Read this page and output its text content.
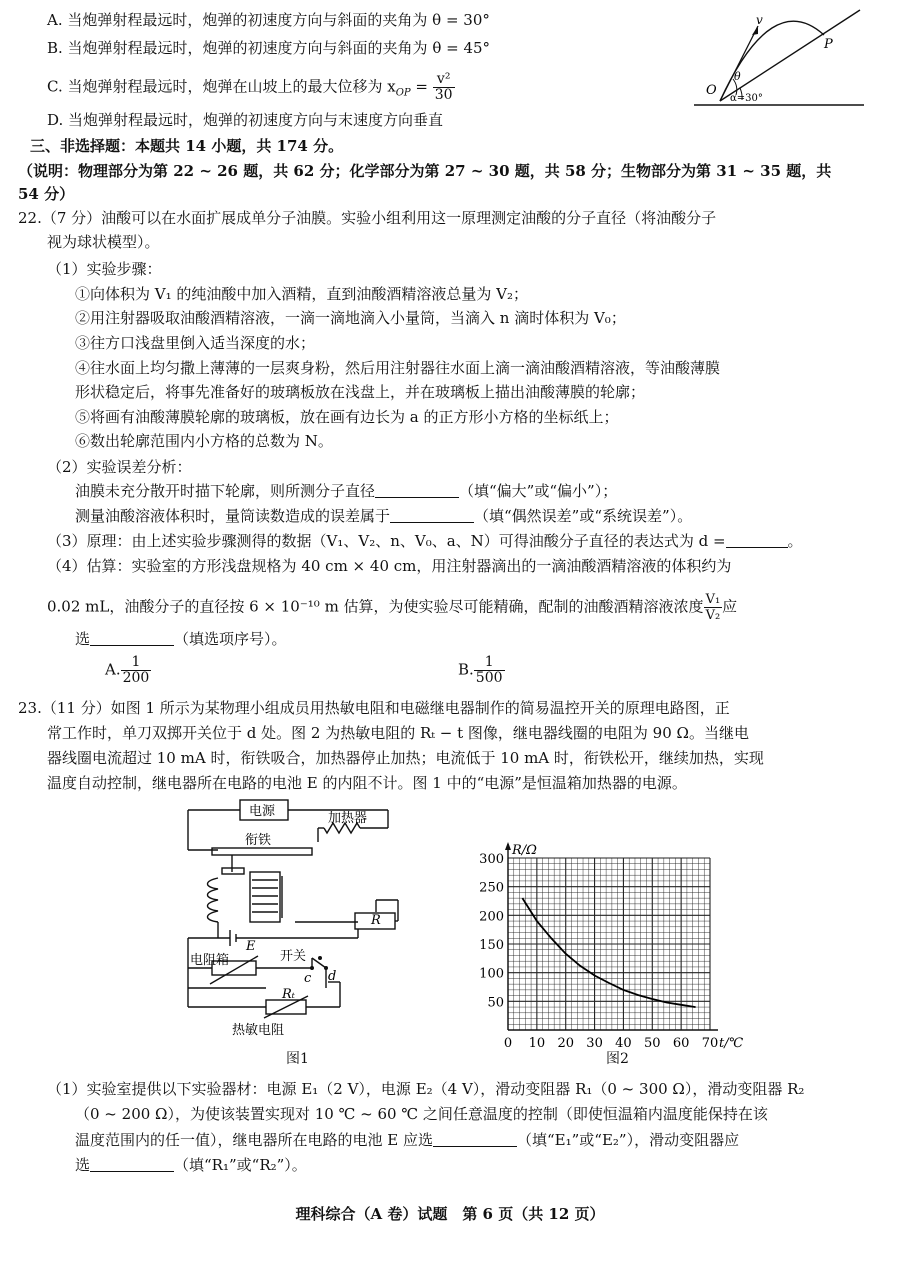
A. 当炮弹射程最远时，炮弹的初速度方向与斜面的夹角为 θ = 30°
B. 当炮弹射程最远时，炮弹的初速度方向与斜面的夹角为 θ = 45°
C. 当炮弹射程最远时，炮弹在山坡上的最大位移为 $x_{OP} = \frac{\text{v²}}{30}$
D. 当炮弹射程最远时，炮弹的初速度方向与末速度方向垂直
v
P
O
θ
α=30°
三、非选择题：本题共 14 小题，共 174 分。
（说明：物理部分为第 22 ~ 26 题，共 62 分；化学部分为第 27 ~ 30 题，共 58 分；生物部分为第 31 ~ 35 题，共
54 分）
22.（7 分）油酸可以在水面扩展成单分子油膜。实验小组利用这一原理测定油酸的分子直径（将油酸分子
视为球状模型）。
（1）实验步骤：
①向体积为 V₁ 的纯油酸中加入酒精，直到油酸酒精溶液总量为 V₂；
②用注射器吸取油酸酒精溶液，一滴一滴地滴入小量筒，当滴入 n 滴时体积为 V₀；
③往方口浅盘里倒入适当深度的水；
④往水面上均匀撒上薄薄的一层爽身粉，然后用注射器往水面上滴一滴油酸酒精溶液，等油酸薄膜
形状稳定后，将事先准备好的玻璃板放在浅盘上，并在玻璃板上描出油酸薄膜的轮廓；
⑤将画有油酸薄膜轮廓的玻璃板，放在画有边长为 a 的正方形小方格的坐标纸上；
⑥数出轮廓范围内小方格的总数为 N。
（2）实验误差分析：
油膜未充分散开时描下轮廓，则所测分子直径	（填“偏大”或“偏小”）；
测量油酸溶液体积时，量筒读数造成的误差属于	（填“偶然误差”或“系统误差”）。
（3）原理：由上述实验步骤测得的数据（V₁、V₂、n、V₀、a、N）可得油酸分子直径的表达式为 d =	。
（4）估算：实验室的方形浅盘规格为 40 cm × 40 cm，用注射器滴出的一滴油酸酒精溶液的体积约为
0.02 mL，油酸分子的直径按 6 × 10⁻¹⁰ m 估算，为使实验尽可能精确，配制的油酸酒精溶液浓度 $\frac{\text{V₁}}{\text{V₂}}$ 应
选	（填选项序号）。
A. $\frac{1}{200}$	B. $\frac{1}{500}$
23.（11 分）如图 1 所示为某物理小组成员用热敏电阻和电磁继电器制作的简易温控开关的原理电路图，正
常工作时，单刀双掷开关位于 d 处。图 2 为热敏电阻的 Rₜ − t 图像，继电器线圈的电阻为 90 Ω。当继电
器线圈电流超过 10 mA 时，衔铁吸合，加热器停止加热；电流低于 10 mA 时，衔铁松开，继续加热，实现
温度自动控制，继电器所在电路的电池 E 的内阻不计。图 1 中的“电源”是恒温箱加热器的电源。
电源	加热器
衔铁
R
E
电阻箱	开关
c d
Rₜ
热敏电阻
图1
0 10 20 30 40 50 60 70
50
100
150
200
250
300
t/℃
R/Ω
图2
（1）实验室提供以下实验器材：电源 E₁（2 V），电源 E₂（4 V），滑动变阻器 R₁（0 ~ 300 Ω），滑动变阻器 R₂
（0 ~ 200 Ω），为使该装置实现对 10 ℃ ~ 60 ℃ 之间任意温度的控制（即使恒温箱内温度能保持在该
温度范围内的任一值），继电器所在电路的电池 E 应选	（填“E₁”或“E₂”），滑动变阻器应
选	（填“R₁”或“R₂”）。
理科综合（A 卷）试题　第 6 页（共 12 页）
